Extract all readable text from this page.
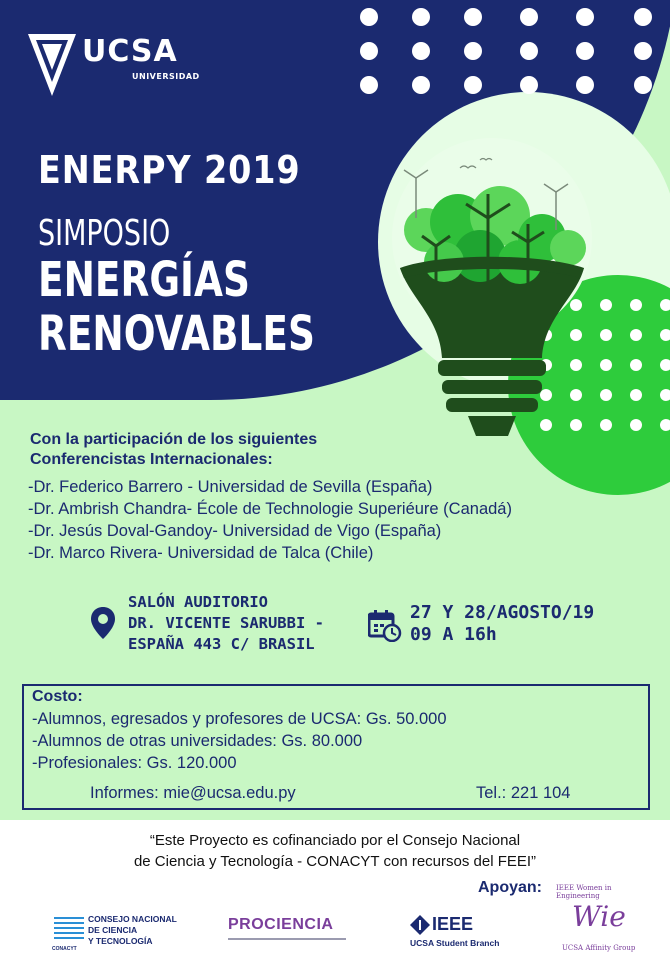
UCSA
UNIVERSIDAD
ENERPY 2019
SIMPOSIO
ENERGÍAS
RENOVABLES
Con la participación de los siguientes
Conferencistas Internacionales:
-Dr. Federico Barrero - Universidad de Sevilla (España)
-Dr. Ambrish Chandra- École de Technologie Superiéure (Canadá)
-Dr. Jesús Doval-Gandoy- Universidad de Vigo (España)
-Dr. Marco Rivera- Universidad de Talca (Chile)
SALÓN AUDITORIO
DR. VICENTE SARUBBI -
ESPAÑA 443 C/ BRASIL
27 Y 28/AGOSTO/19
09 A 16h
Costo:
-Alumnos, egresados y profesores de UCSA: Gs. 50.000
-Alumnos de otras universidades: Gs. 80.000
-Profesionales: Gs. 120.000
Informes: mie@ucsa.edu.py	Tel.: 221 104
“Este Proyecto es cofinanciado por el Consejo Nacional
de Ciencia y Tecnología - CONACYT con recursos del FEEI”
Apoyan:
CONSEJO NACIONAL
DE CIENCIA
Y TECNOLOGÍA
CONACYT
PROCIENCIA	IEEE
UCSA Student Branch
IEEE Women in Engineering
Wie
UCSA Affinity Group
